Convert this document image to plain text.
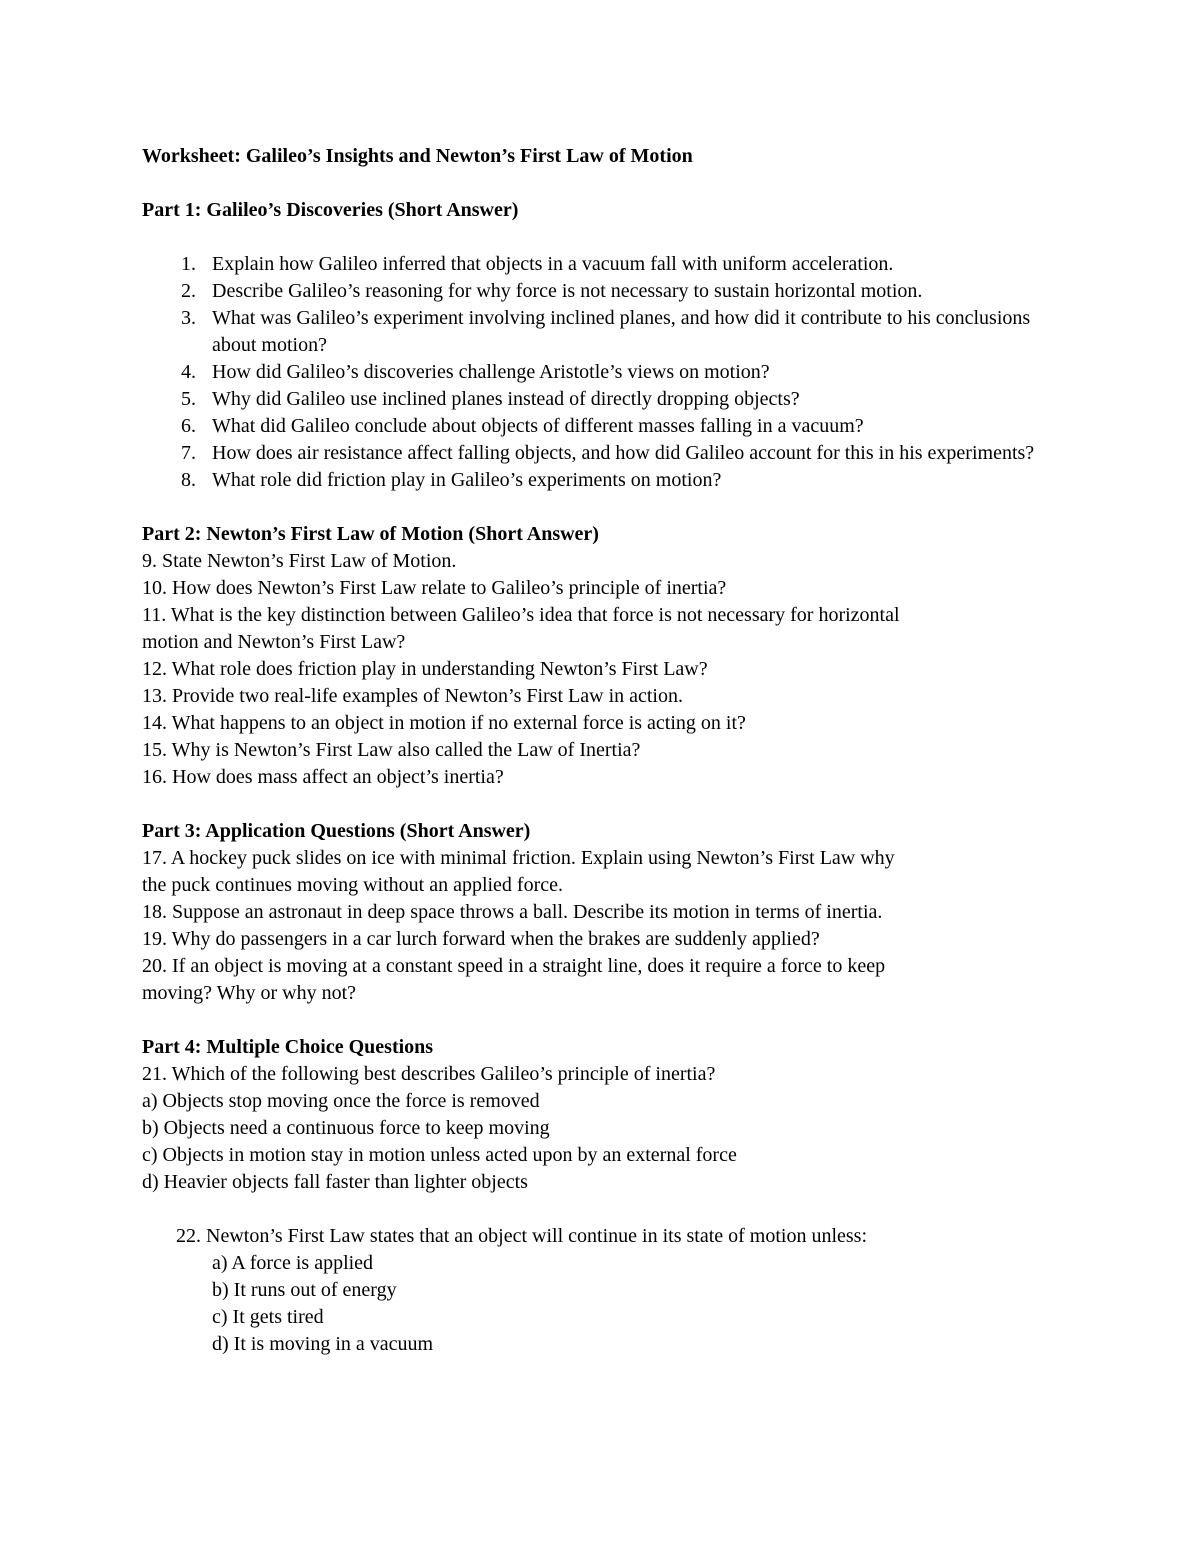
Worksheet: Galileo’s Insights and Newton’s First Law of Motion
Part 1: Galileo’s Discoveries (Short Answer)
1 . Explain how Galileo inferred that objects in a vacuum fall with uniform acceleration.
2 . Describe Galileo’s reasoning for why force is not necessary to sustain horizontal motion.
3 . What was Galileo’s experiment involving inclined planes, and how did it contribute to his conclusions about motion?
4 . How did Galileo’s discoveries challenge Aristotle’s views on motion?
5 . Why did Galileo use inclined planes instead of directly dropping objects?
6 . What did Galileo conclude about objects of different masses falling in a vacuum?
7 . How does air resistance affect falling objects, and how did Galileo account for this in his experiments?
8 . What role did friction play in Galileo’s experiments on motion?
Part 2: Newton’s First Law of Motion (Short Answer)
9. State Newton’s First Law of Motion.
10. How does Newton’s First Law relate to Galileo’s principle of inertia?
11. What is the key distinction between Galileo’s idea that force is not necessary for horizontal
motion and Newton’s First Law?
12. What role does friction play in understanding Newton’s First Law?
13. Provide two real-life examples of Newton’s First Law in action.
14. What happens to an object in motion if no external force is acting on it?
15. Why is Newton’s First Law also called the Law of Inertia?
16. How does mass affect an object’s inertia?
Part 3: Application Questions (Short Answer)
17. A hockey puck slides on ice with minimal friction. Explain using Newton’s First Law why
the puck continues moving without an applied force.
18. Suppose an astronaut in deep space throws a ball. Describe its motion in terms of inertia.
19. Why do passengers in a car lurch forward when the brakes are suddenly applied?
20. If an object is moving at a constant speed in a straight line, does it require a force to keep
moving? Why or why not?
Part 4: Multiple Choice Questions
21. Which of the following best describes Galileo’s principle of inertia?
a) Objects stop moving once the force is removed
b) Objects need a continuous force to keep moving
c) Objects in motion stay in motion unless acted upon by an external force
d) Heavier objects fall faster than lighter objects
22. Newton’s First Law states that an object will continue in its state of motion unless:
a) A force is applied
b) It runs out of energy
c) It gets tired
d) It is moving in a vacuum
